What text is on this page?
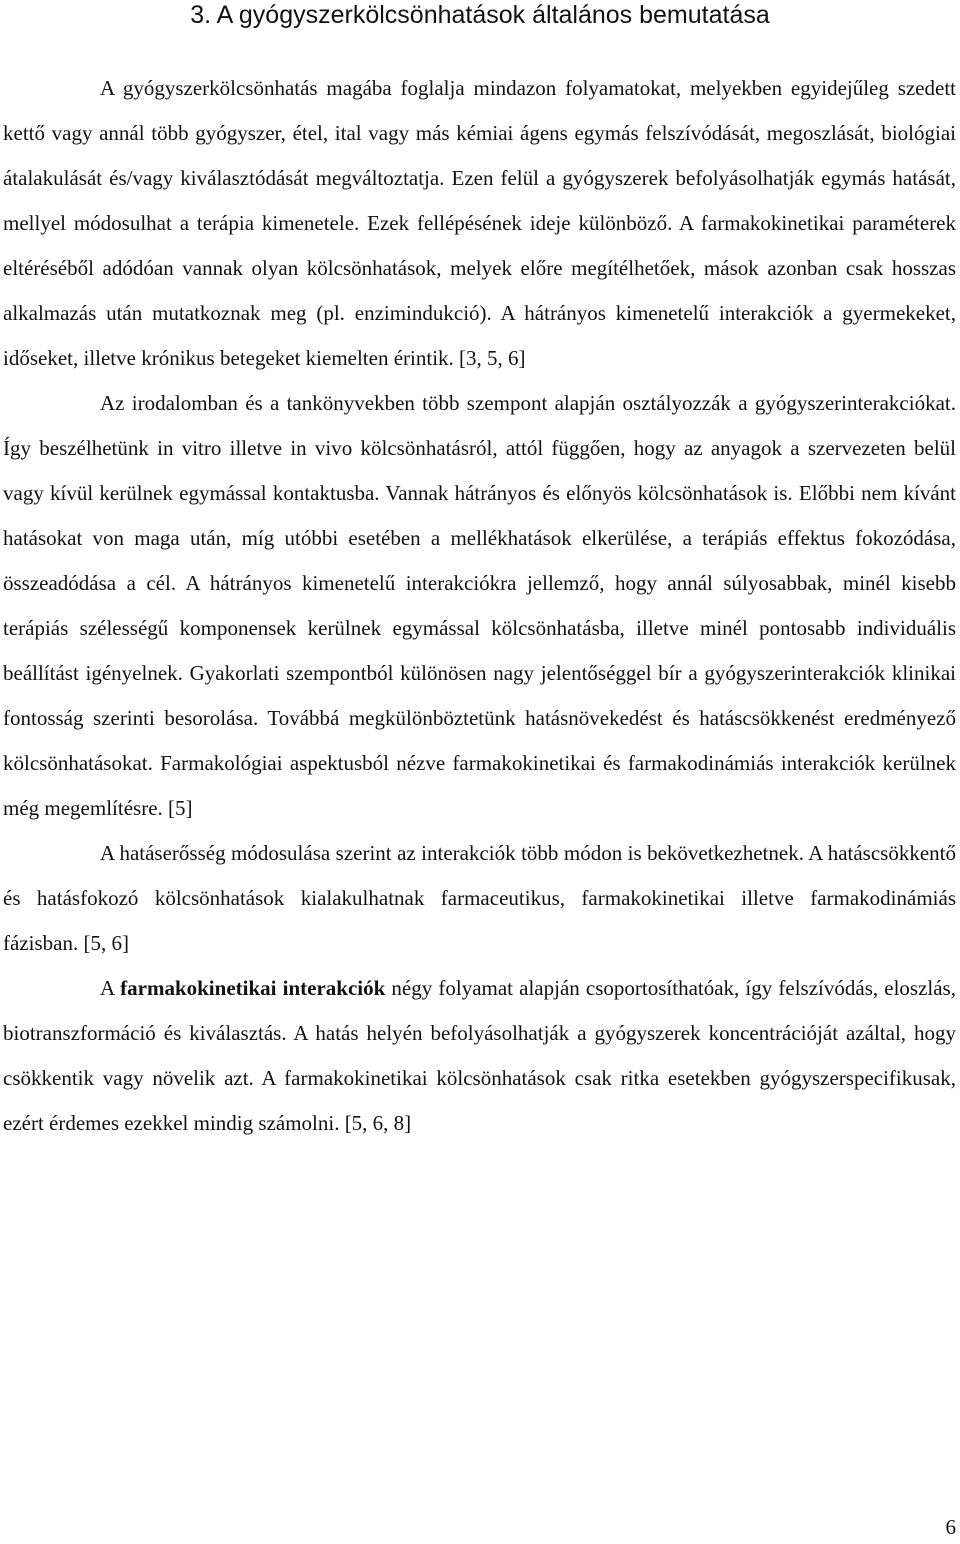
3. A gyógyszerkölcsönhatások általános bemutatása

A gyógyszerkölcsönhatás magába foglalja mindazon folyamatokat, melyekben egyidejűleg szedett kettő vagy annál több gyógyszer, étel, ital vagy más kémiai ágens egymás felszívódását, megoszlását, biológiai átalakulását és/vagy kiválasztódását megváltoztatja. Ezen felül a gyógyszerek befolyásolhatják egymás hatását, mellyel módosulhat a terápia kimenetele. Ezek fellépésének ideje különböző. A farmakokinetikai paraméterek eltéréséből adódóan vannak olyan kölcsönhatások, melyek előre megítélhetőek, mások azonban csak hosszas alkalmazás után mutatkoznak meg (pl. enzimindukció). A hátrányos kimenetelű interakciók a gyermekeket, időseket, illetve krónikus betegeket kiemelten érintik. [3, 5, 6]

Az irodalomban és a tankönyvekben több szempont alapján osztályozzák a gyógyszerinterakciókat. Így beszélhetünk in vitro illetve in vivo kölcsönhatásról, attól függően, hogy az anyagok a szervezeten belül vagy kívül kerülnek egymással kontaktusba. Vannak hátrányos és előnyös kölcsönhatások is. Előbbi nem kívánt hatásokat von maga után, míg utóbbi esetében a mellékhatások elkerülése, a terápiás effektus fokozódása, összeadódása a cél. A hátrányos kimenetelű interakciókra jellemző, hogy annál súlyosabbak, minél kisebb terápiás szélességű komponensek kerülnek egymással kölcsönhatásba, illetve minél pontosabb individuális beállítást igényelnek. Gyakorlati szempontból különösen nagy jelentőséggel bír a gyógyszerinterakciók klinikai fontosság szerinti besorolása. Továbbá megkülönböztetünk hatásnövekedést és hatáscsökkenést eredményező kölcsönhatásokat. Farmakológiai aspektusból nézve farmakokinetikai és farmakodinámiás interakciók kerülnek még megemlítésre. [5]

A hatáserősség módosulása szerint az interakciók több módon is bekövetkezhetnek. A hatáscsökkentő és hatásfokozó kölcsönhatások kialakulhatnak farmaceutikus, farmakokinetikai illetve farmakodinámiás fázisban. [5, 6]

A farmakokinetikai interakciók négy folyamat alapján csoportosíthatóak, így felszívódás, eloszlás, biotranszformáció és kiválasztás. A hatás helyén befolyásolhatják a gyógyszerek koncentrációját azáltal, hogy csökkentik vagy növelik azt. A farmakokinetikai kölcsönhatások csak ritka esetekben gyógyszerspecifikusak, ezért érdemes ezekkel mindig számolni. [5, 6, 8]

6
